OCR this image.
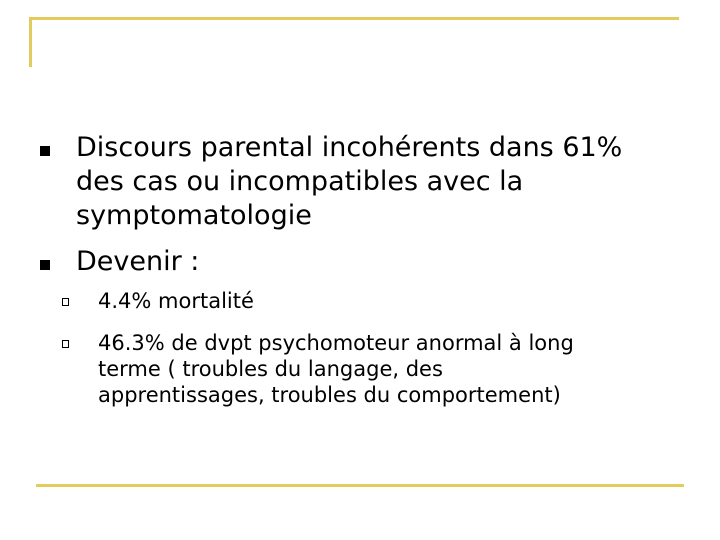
Discours parental incohérents dans 61%
des cas ou incompatibles avec la
symptomatologie
Devenir :
4.4% mortalité
46.3% de dvpt psychomoteur anormal à long
terme ( troubles du langage, des
apprentissages, troubles du comportement)
